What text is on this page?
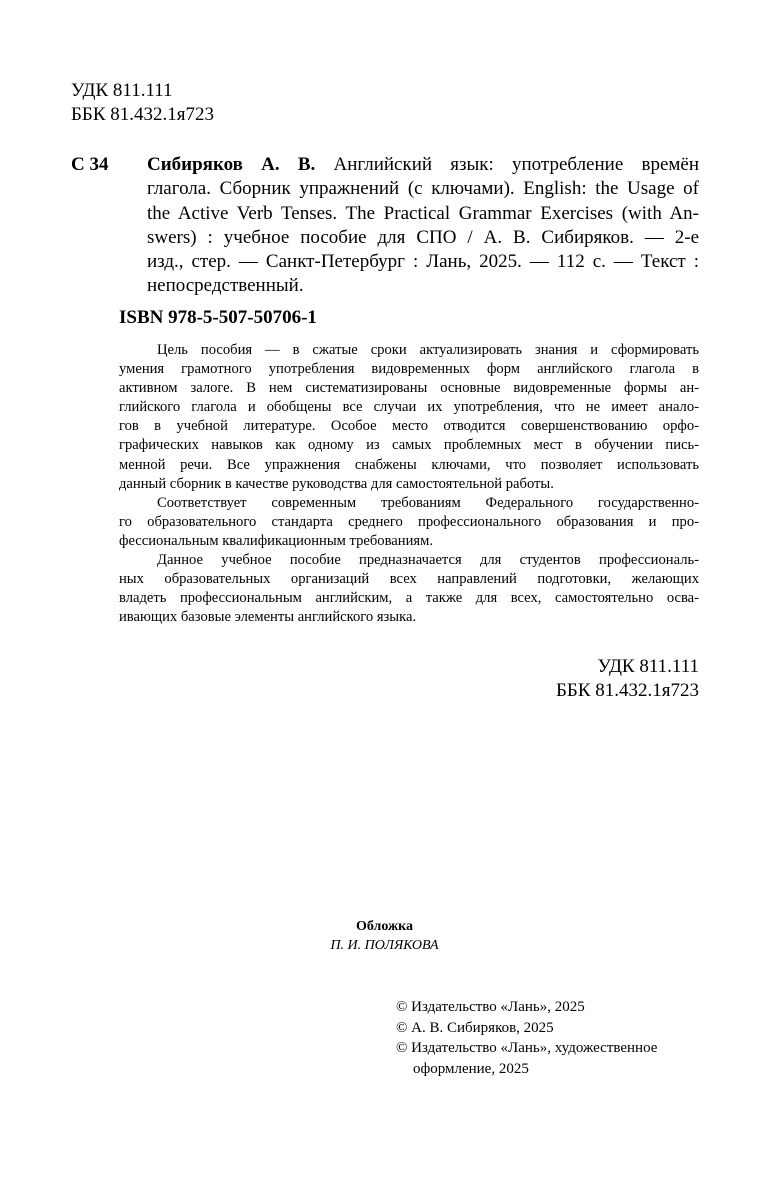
УДК 811.111
ББК 81.432.1я723
С 34 Сибиряков А. В. Английский язык: употребление времён
глагола. Сборник упражнений (с ключами). English: the Usage of
the Active Verb Tenses. The Practical Grammar Exercises (with An-
swers) : учебное пособие для СПО / А. В. Сибиряков. — 2-е
изд., стер. — Санкт-Петербург : Лань, 2025. — 112 с. — Текст :
непосредственный.
ISBN 978-5-507-50706-1
Цель пособия — в сжатые сроки актуализировать знания и сформировать
умения грамотного употребления видовременных форм английского глагола в
активном залоге. В нем систематизированы основные видовременные формы ан-
глийского глагола и обобщены все случаи их употребления, что не имеет анало-
гов в учебной литературе. Особое место отводится совершенствованию орфо-
графических навыков как одному из самых проблемных мест в обучении пись-
менной речи. Все упражнения снабжены ключами, что позволяет использовать
данный сборник в качестве руководства для самостоятельной работы.
Соответствует современным требованиям Федерального государственно-
го образовательного стандарта среднего профессионального образования и про-
фессиональным квалификационным требованиям.
Данное учебное пособие предназначается для студентов профессиональ-
ных образовательных организаций всех направлений подготовки, желающих
владеть профессиональным английским, а также для всех, самостоятельно осва-
ивающих базовые элементы английского языка.
УДК 811.111
ББК 81.432.1я723
Обложка
П. И. ПОЛЯКОВА
© Издательство «Лань», 2025
© А. В. Сибиряков, 2025
© Издательство «Лань», художественное
оформление, 2025
